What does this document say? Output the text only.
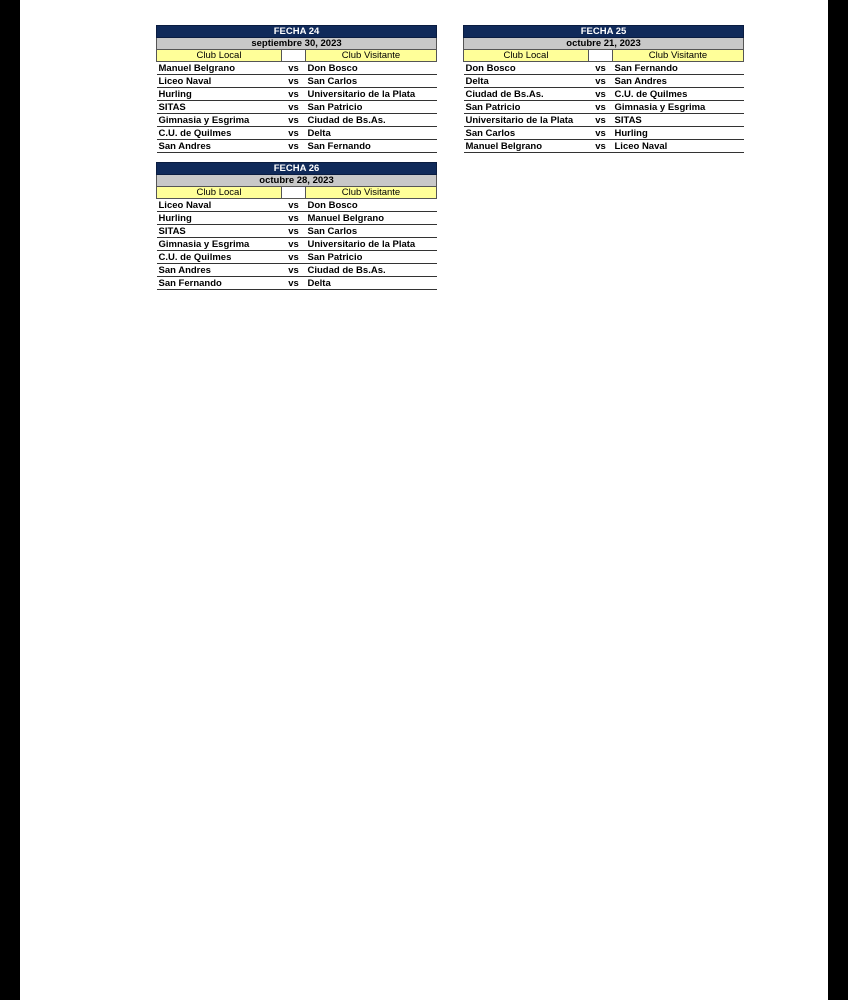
FECHA 24		
septiembre 30, 2023		
Club Local		Club Visitante
Manuel Belgrano	vs	Don Bosco
Liceo Naval	vs	San Carlos
Hurling	vs	Universitario de la Plata
SITAS	vs	San Patricio
Gimnasia y Esgrima	vs	Ciudad de Bs.As.
C.U. de Quilmes	vs	Delta
San Andres	vs	San Fernando
FECHA 25		
octubre 21, 2023		
Club Local		Club Visitante
Don Bosco	vs	San Fernando
Delta	vs	San Andres
Ciudad de Bs.As.	vs	C.U. de Quilmes
San Patricio	vs	Gimnasia y Esgrima
Universitario de la Plata	vs	SITAS
San Carlos	vs	Hurling
Manuel Belgrano	vs	Liceo Naval
FECHA 26		
octubre 28, 2023		
Club Local		Club Visitante
Liceo Naval	vs	Don Bosco
Hurling	vs	Manuel Belgrano
SITAS	vs	San Carlos
Gimnasia y Esgrima	vs	Universitario de la Plata
C.U. de Quilmes	vs	San Patricio
San Andres	vs	Ciudad de Bs.As.
San Fernando	vs	Delta
